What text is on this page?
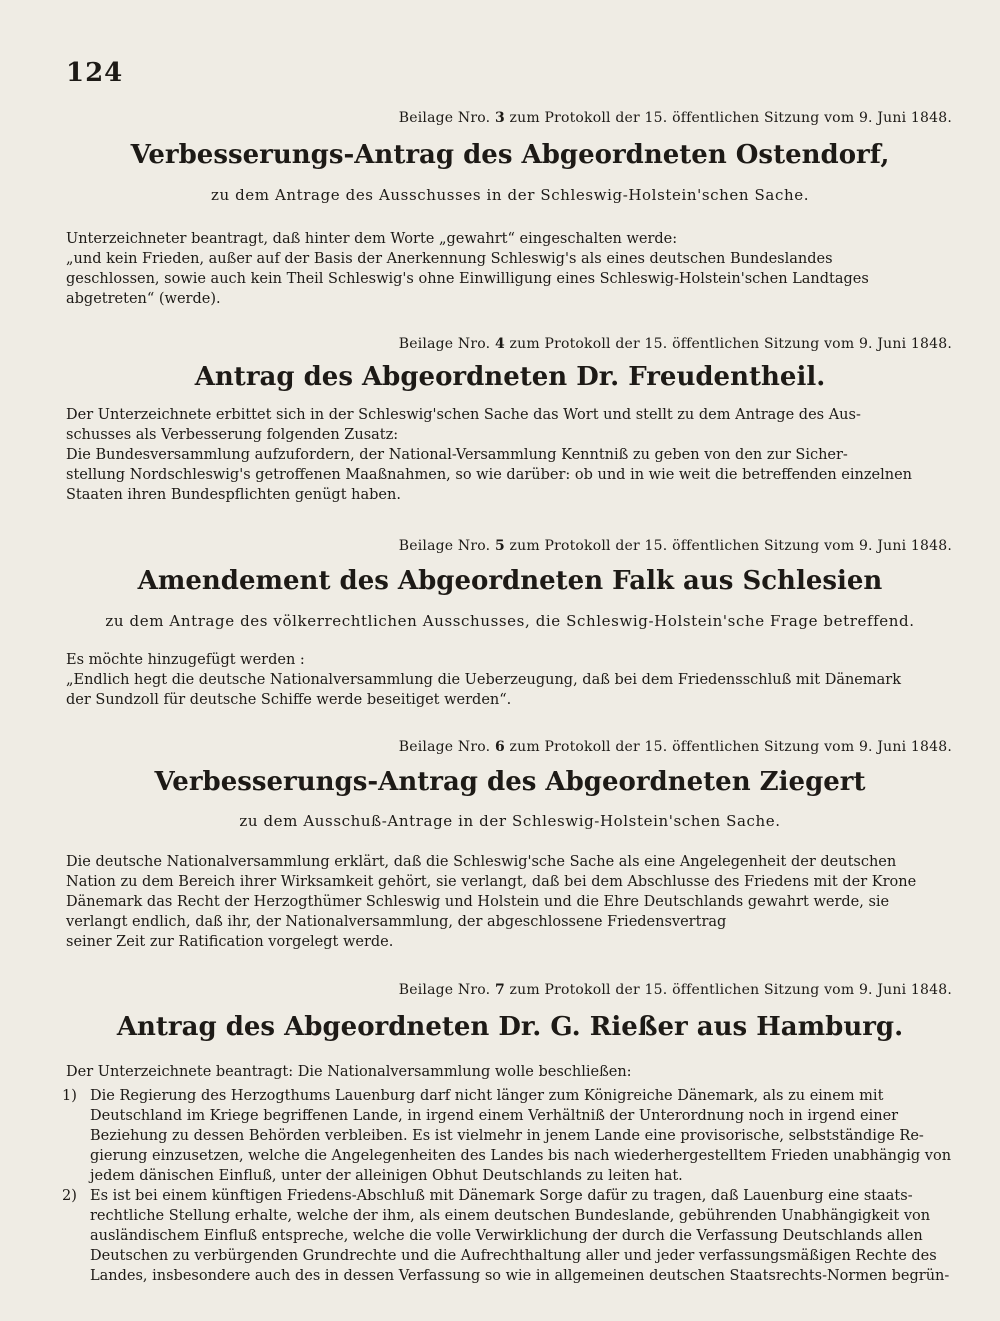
124
Beilage Nro. 3 zum Protokoll der 15. öffentlichen Sitzung vom 9. Juni 1848.
Verbesserungs-Antrag des Abgeordneten Ostendorf,
zu dem Antrage des Ausschusses in der Schleswig-Holstein'schen Sache.
Unterzeichneter beantragt, daß hinter dem Worte „gewahrt“ eingeschalten werde:
„und kein Frieden, außer auf der Basis der Anerkennung Schleswig's als eines deutschen Bundeslandes
geschlossen, sowie auch kein Theil Schleswig's ohne Einwilligung eines Schleswig-Holstein'schen Landtages
abgetreten“ (werde).
Beilage Nro. 4 zum Protokoll der 15. öffentlichen Sitzung vom 9. Juni 1848.
Antrag des Abgeordneten Dr. Freudentheil.
Der Unterzeichnete erbittet sich in der Schleswig'schen Sache das Wort und stellt zu dem Antrage des Aus-
schusses als Verbesserung folgenden Zusatz:
Die Bundesversammlung aufzufordern, der National-Versammlung Kenntniß zu geben von den zur Sicher-
stellung Nordschleswig's getroffenen Maaßnahmen, so wie darüber: ob und in wie weit die betreffenden einzelnen
Staaten ihren Bundespflichten genügt haben.
Beilage Nro. 5 zum Protokoll der 15. öffentlichen Sitzung vom 9. Juni 1848.
Amendement des Abgeordneten Falk aus Schlesien
zu dem Antrage des völkerrechtlichen Ausschusses, die Schleswig-Holstein'sche Frage betreffend.
Es möchte hinzugefügt werden :
„Endlich hegt die deutsche Nationalversammlung die Ueberzeugung, daß bei dem Friedensschluß mit Dänemark
der Sundzoll für deutsche Schiffe werde beseitiget werden“.
Beilage Nro. 6 zum Protokoll der 15. öffentlichen Sitzung vom 9. Juni 1848.
Verbesserungs-Antrag des Abgeordneten Ziegert
zu dem Ausschuß-Antrage in der Schleswig-Holstein'schen Sache.
Die deutsche Nationalversammlung erklärt, daß die Schleswig'sche Sache als eine Angelegenheit der deutschen
Nation zu dem Bereich ihrer Wirksamkeit gehört, sie verlangt, daß bei dem Abschlusse des Friedens mit der Krone
Dänemark das Recht der Herzogthümer Schleswig und Holstein und die Ehre Deutschlands gewahrt werde, sie
verlangt endlich, daß ihr, der Nationalversammlung, der abgeschlossene Friedensvertrag
seiner Zeit zur Ratification vorgelegt werde.
Beilage Nro. 7 zum Protokoll der 15. öffentlichen Sitzung vom 9. Juni 1848.
Antrag des Abgeordneten Dr. G. Rießer aus Hamburg.
Der Unterzeichnete beantragt: Die Nationalversammlung wolle beschließen:
1) Die Regierung des Herzogthums Lauenburg darf nicht länger zum Königreiche Dänemark, als zu einem mit
Deutschland im Kriege begriffenen Lande, in irgend einem Verhältniß der Unterordnung noch in irgend einer
Beziehung zu dessen Behörden verbleiben. Es ist vielmehr in jenem Lande eine provisorische, selbstständige Re-
gierung einzusetzen, welche die Angelegenheiten des Landes bis nach wiederhergestelltem Frieden unabhängig von
jedem dänischen Einfluß, unter der alleinigen Obhut Deutschlands zu leiten hat.
2) Es ist bei einem künftigen Friedens-Abschluß mit Dänemark Sorge dafür zu tragen, daß Lauenburg eine staats-
rechtliche Stellung erhalte, welche der ihm, als einem deutschen Bundeslande, gebührenden Unabhängigkeit von
ausländischem Einfluß entspreche, welche die volle Verwirklichung der durch die Verfassung Deutschlands allen
Deutschen zu verbürgenden Grundrechte und die Aufrechthaltung aller und jeder verfassungsmäßigen Rechte des
Landes, insbesondere auch des in dessen Verfassung so wie in allgemeinen deutschen Staatsrechts-Normen begrün-
